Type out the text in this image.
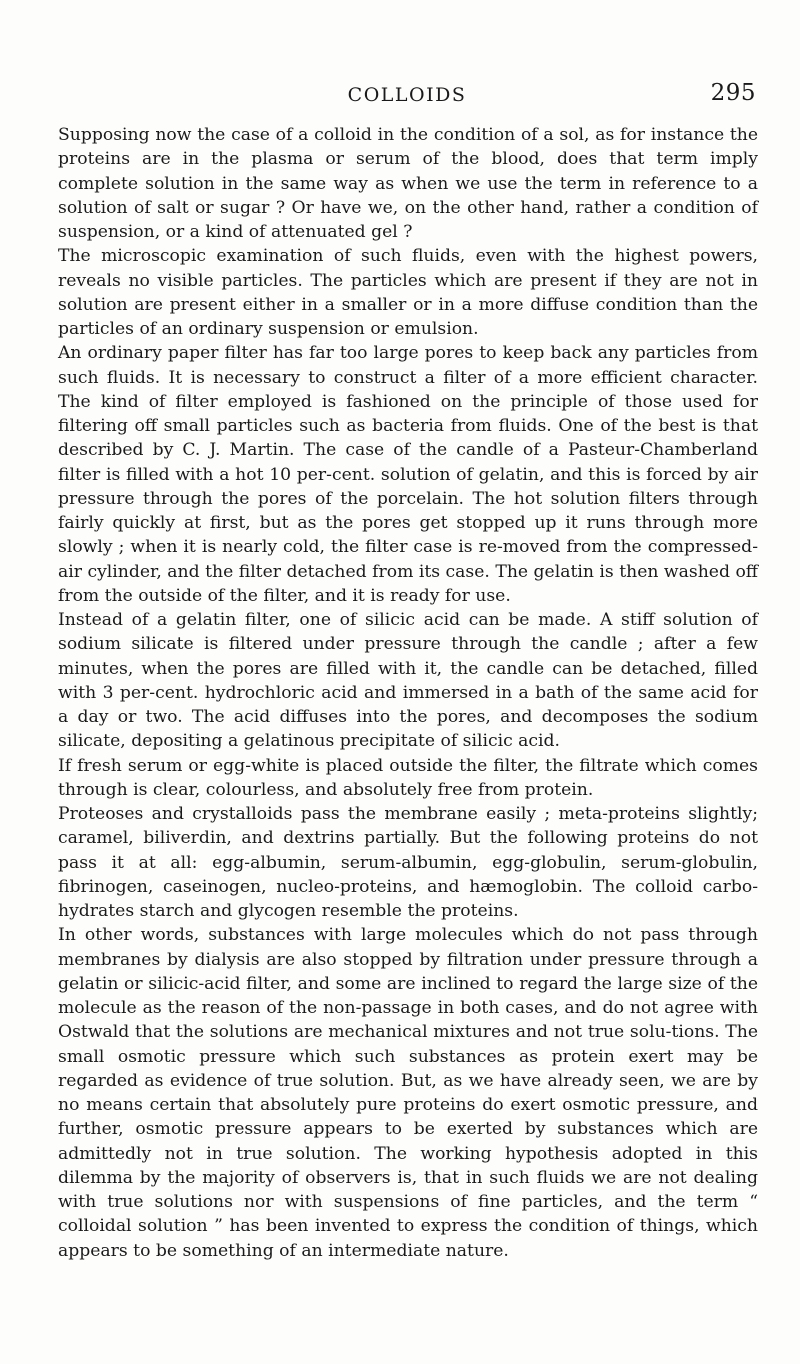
COLLOIDS	295

Supposing now the case of a colloid in the condition of a sol, as for instance the proteins are in the plasma or serum of the blood, does that term imply complete solution in the same way as when we use the term in reference to a solution of salt or sugar ? Or have we, on the other hand, rather a condition of suspension, or a kind of attenuated gel ?

The microscopic examination of such fluids, even with the highest powers, reveals no visible particles. The particles which are present if they are not in solution are present either in a smaller or in a more diffuse condition than the particles of an ordinary suspension or emulsion.

An ordinary paper filter has far too large pores to keep back any particles from such fluids. It is necessary to construct a filter of a more efficient character. The kind of filter employed is fashioned on the principle of those used for filtering off small particles such as bacteria from fluids. One of the best is that described by C. J. Martin. The case of the candle of a Pasteur-Chamberland filter is filled with a hot 10 per-cent. solution of gelatin, and this is forced by air pressure through the pores of the porcelain. The hot solution filters through fairly quickly at first, but as the pores get stopped up it runs through more slowly ; when it is nearly cold, the filter case is re-moved from the compressed-air cylinder, and the filter detached from its case. The gelatin is then washed off from the outside of the filter, and it is ready for use.

Instead of a gelatin filter, one of silicic acid can be made. A stiff solution of sodium silicate is filtered under pressure through the candle ; after a few minutes, when the pores are filled with it, the candle can be detached, filled with 3 per-cent. hydrochloric acid and immersed in a bath of the same acid for a day or two. The acid diffuses into the pores, and decomposes the sodium silicate, depositing a gelatinous precipitate of silicic acid.

If fresh serum or egg-white is placed outside the filter, the filtrate which comes through is clear, colourless, and absolutely free from protein.

Proteoses and crystalloids pass the membrane easily ; meta-proteins slightly; caramel, biliverdin, and dextrins partially. But the following proteins do not pass it at all: egg-albumin, serum-albumin, egg-globulin, serum-globulin, fibrinogen, caseinogen, nucleo-proteins, and hæmoglobin. The colloid carbo-hydrates starch and glycogen resemble the proteins.

In other words, substances with large molecules which do not pass through membranes by dialysis are also stopped by filtration under pressure through a gelatin or silicic-acid filter, and some are inclined to regard the large size of the molecule as the reason of the non-passage in both cases, and do not agree with Ostwald that the solutions are mechanical mixtures and not true solu-tions. The small osmotic pressure which such substances as protein exert may be regarded as evidence of true solution. But, as we have already seen, we are by no means certain that absolutely pure proteins do exert osmotic pressure, and further, osmotic pressure appears to be exerted by substances which are admittedly not in true solution. The working hypothesis adopted in this dilemma by the majority of observers is, that in such fluids we are not dealing with true solutions nor with suspensions of fine particles, and the term “ colloidal solution ” has been invented to express the condition of things, which appears to be something of an intermediate nature.
